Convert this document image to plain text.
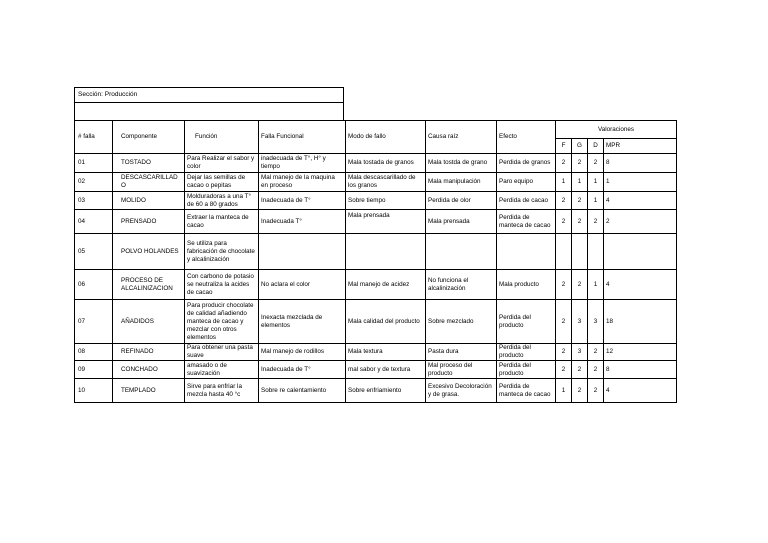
Sección: Producción
# falla	Componente	Función	Falla Funcional	Modo de fallo	Causa raíz	Efecto	Valoraciones			
							F	G	D	MPR
01	TOSTADO	Para Realizar el sabor y color	inadecuada de T°, H° y tiempo	Mala tostada de granos	Mala tostda de grano	Perdida de granos	2	2	2	8
02	DESCASCARILLADO	Dejar las semillas de cacao o pepitas	Mal manejo de la maquina en proceso	Mala descascarillado de los granos	Mala manipulación	Paro equipo	1	1	1	1
03	MOLIDO	Molduradoras a una T° de 60 a 80 grados	Inadecuada de T°	Sobre tiempo	Perdida de olor	Perdida de cacao	2	2	1	4
04	PRENSADO	Extraer la manteca de cacao	Inadecuada T°	Mala prensada	Mala prensada	Perdida de manteca de cacao	2	2	2	2
05	POLVO HOLANDES	Se utiliza para fabricación de chocolate y alcalinización								
06	PROCESO DE ALCALINIZACION	Con carbono de potasio se neutraliza la acides de cacao	No aclara el color	Mal manejo de acidez	No funciona el alcalinización	Mala producto	2	2	1	4
07	AÑADIDOS	Para producir chocolate de calidad añadiendo manteca de cacao y mezclar con otros elementos	Inexacta mezclada de elementos	Mala calidad del producto	Sobre mezclado	Perdida del producto	2	3	3	18
08	REFINADO	Para obtener una pasta suave	Mal manejo de rodillos	Mala textura	Pasta dura	Perdida del producto	2	3	2	12
09	CONCHADO	amasado o de suavización	Inadecuada de T°	mal sabor y de textura	Mal proceso del producto	Perdida del producto	2	2	2	8
10	TEMPLADO	Sirve para enfriar la mezcla hasta 40 °c	Sobre re calentamiento	Sobre enfriamiento	Excesivo Decoloración y de grasa.	Perdida de manteca de cacao	1	2	2	4
